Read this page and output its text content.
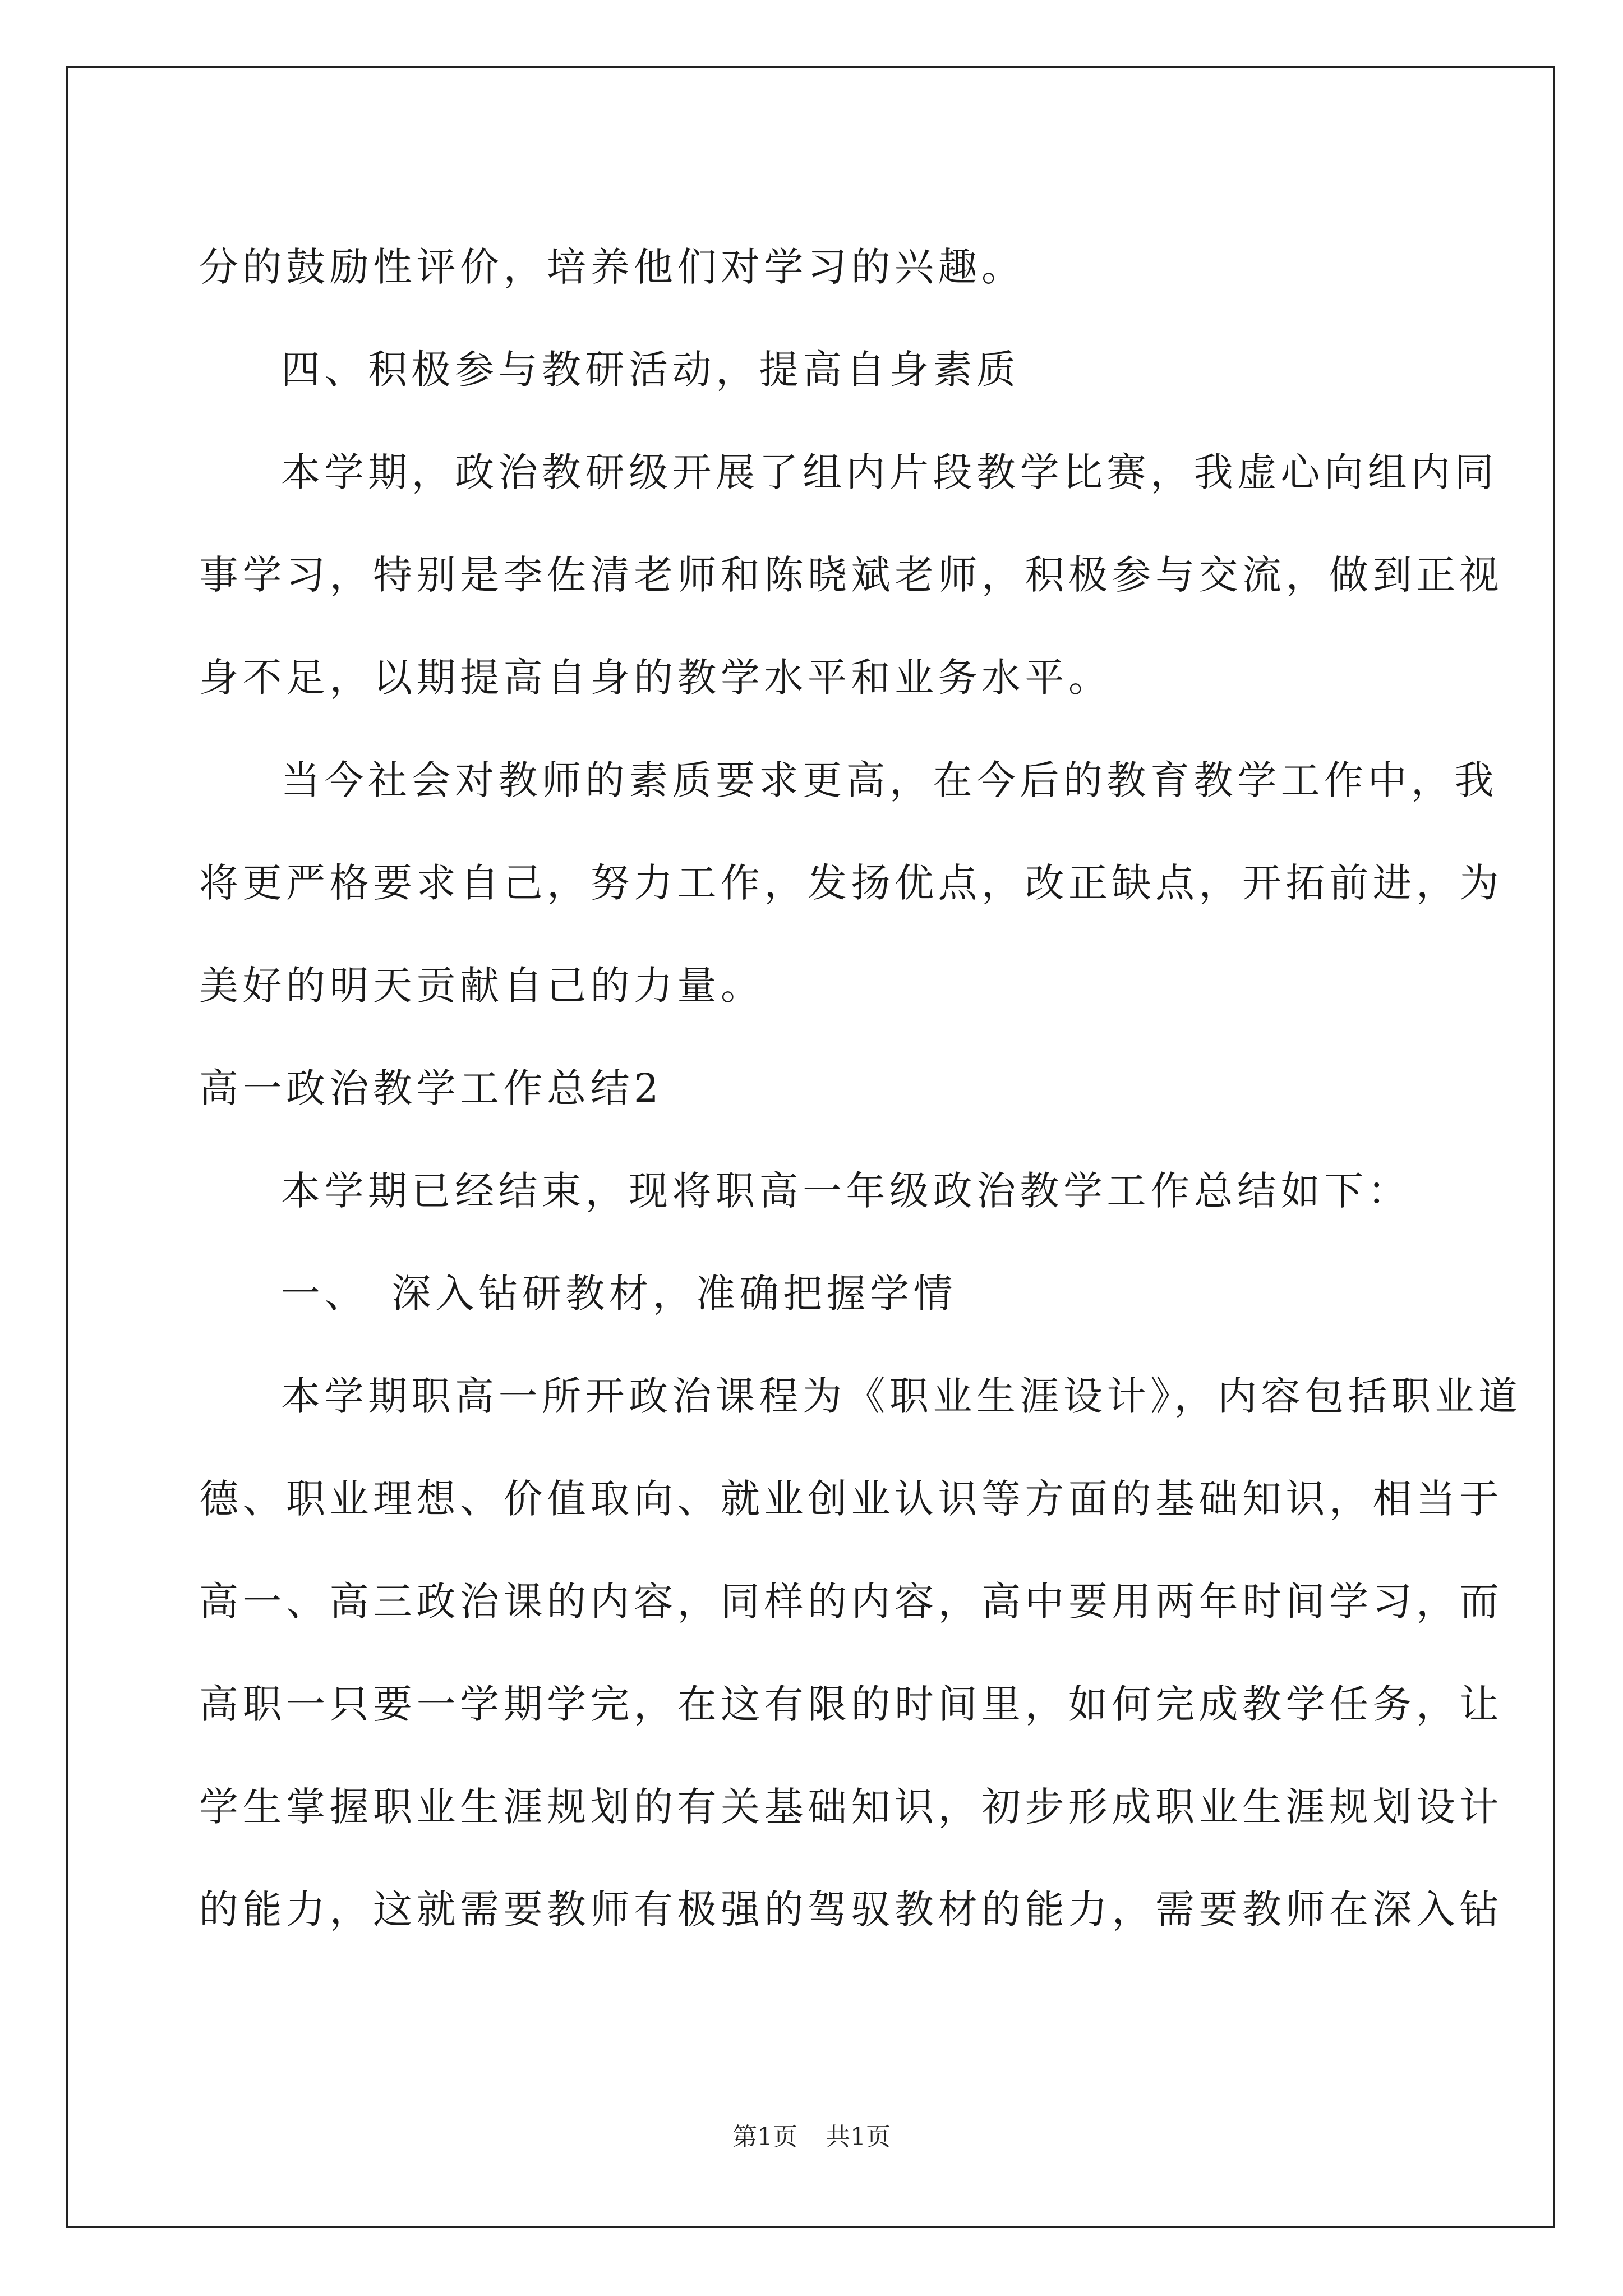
分的鼓励性评价，培养他们对学习的兴趣。
四、积极参与教研活动，提高自身素质
本学期，政治教研级开展了组内片段教学比赛，我虚心向组内同
事学习，特别是李佐清老师和陈晓斌老师，积极参与交流，做到正视
身不足，以期提高自身的教学水平和业务水平。
当今社会对教师的素质要求更高，在今后的教育教学工作中，我
将更严格要求自己，努力工作，发扬优点，改正缺点，开拓前进，为
美好的明天贡献自己的力量。
高一政治教学工作总结2
本学期已经结束，现将职高一年级政治教学工作总结如下：
一、　深入钻研教材，准确把握学情
本学期职高一所开政治课程为《职业生涯设计》，内容包括职业道
德、职业理想、价值取向、就业创业认识等方面的基础知识，相当于
高一、高三政治课的内容，同样的内容，高中要用两年时间学习，而
高职一只要一学期学完，在这有限的时间里，如何完成教学任务，让
学生掌握职业生涯规划的有关基础知识，初步形成职业生涯规划设计
的能力，这就需要教师有极强的驾驭教材的能力，需要教师在深入钻
第1页 共1页
